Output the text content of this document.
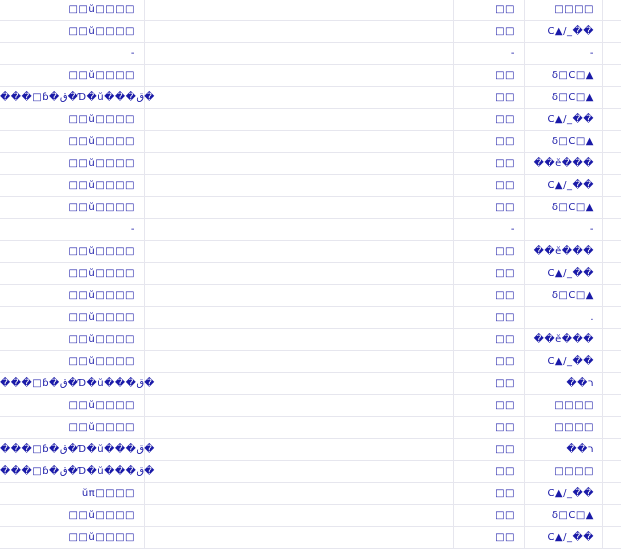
□□ŭ□□□□	□□	□□□□
□□ŭ□□□□	□□	C▲/_��
-	-	-
□□ŭ□□□□	□□	δ□C□▲
���□ɓ�ق�Ɗ�ŭ���ق�	□□	δ□C□▲
□□ŭ□□□□	□□	C▲/_��
□□ŭ□□□□	□□	δ□C□▲
□□ŭ□□□□	□□	��ĕ���
□□ŭ□□□□	□□	C▲/_��
□□ŭ□□□□	□□	δ□C□▲
-	-	-
□□ŭ□□□□	□□	��ĕ���
□□ŭ□□□□	□□	C▲/_��
□□ŭ□□□□	□□	δ□C□▲
□□ŭ□□□□	□□	.
□□ŭ□□□□	□□	��ĕ���
□□ŭ□□□□	□□	C▲/_��
���□ɓ�ق�Ɗ�ŭ���ق�	□□	��ר
□□ŭ□□□□	□□	□□□□
□□ŭ□□□□	□□	□□□□
���□ɓ�ق�Ɗ�ŭ���ق�	□□	��ר
���□ɓ�ق�Ɗ�ŭ���ق�	□□	□□□□
ŭπ□□□□	□□	C▲/_��
□□ŭ□□□□	□□	δ□C□▲
□□ŭ□□□□	□□	C▲/_��
